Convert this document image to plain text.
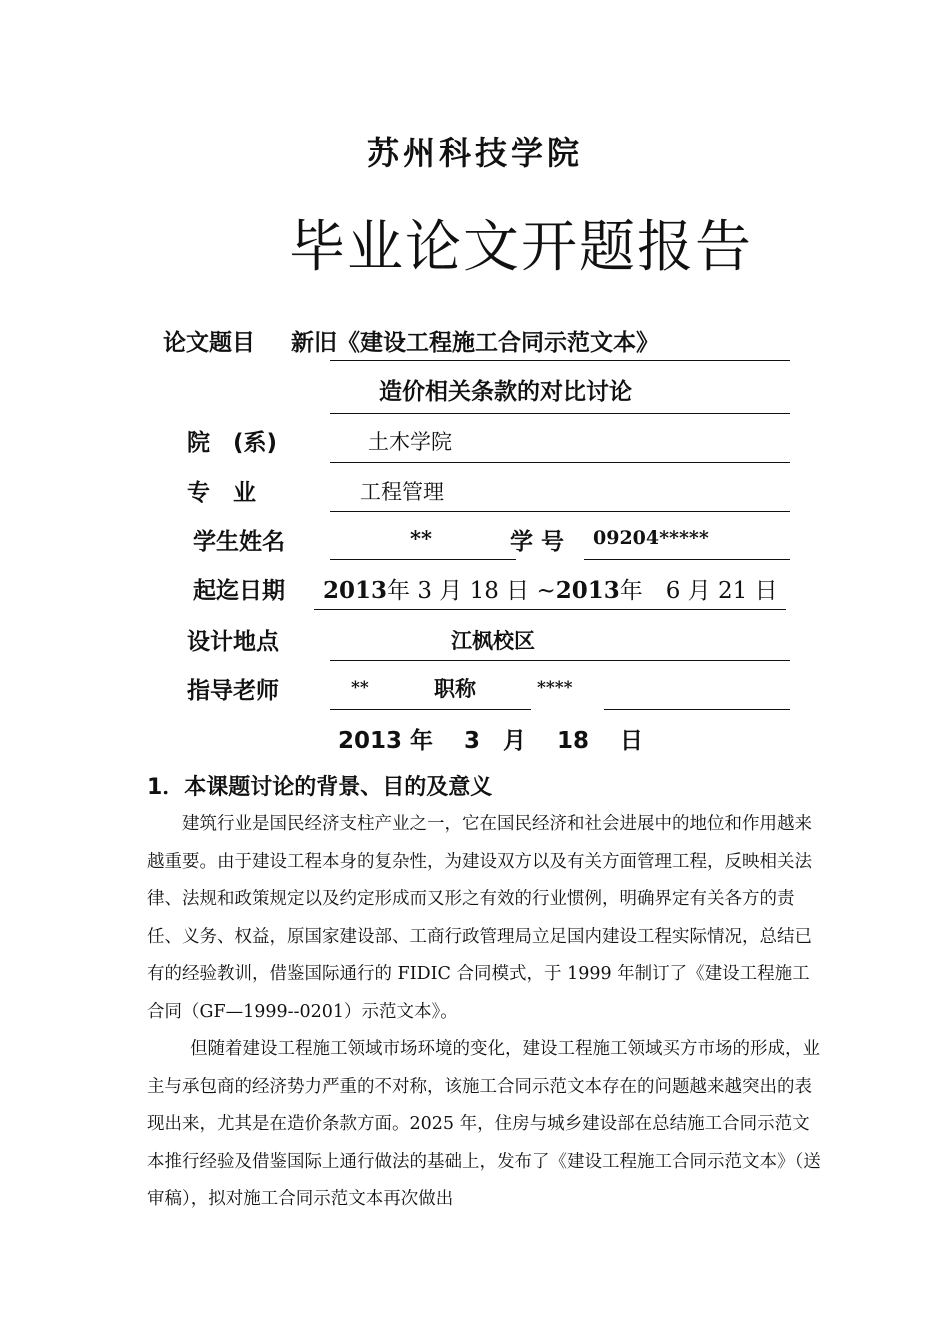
苏州科技学院
毕业论文开题报告
论文题目 新旧《建设工程施工合同示范文本》
造价相关条款的对比讨论
院　(系)	土木学院
专　业	工程管理
学生姓名	**	学 号 09204*****
起迄日期 2013年 3 月 18 日 ~2013年　6 月 21 日
设计地点	江枫校区
指导老师	**	职称	****
2013 年　 3　月　 18　 日
1．本课题讨论的背景、目的及意义
建筑行业是国民经济支柱产业之一，它在国民经济和社会进展中的地位和作用越来越重要。由于建设工程本身的复杂性，为建设双方以及有关方面管理工程，反映相关法律、法规和政策规定以及约定形成而又形之有效的行业惯例，明确界定有关各方的责任、义务、权益，原国家建设部、工商行政管理局立足国内建设工程实际情况，总结已有的经验教训，借鉴国际通行的 FIDIC 合同模式，于 1999 年制订了《建设工程施工合同（GF—1999--0201）示范文本》。
但随着建设工程施工领域市场环境的变化，建设工程施工领域买方市场的形成，业主与承包商的经济势力严重的不对称，该施工合同示范文本存在的问题越来越突出的表现出来，尤其是在造价条款方面。2025 年，住房与城乡建设部在总结施工合同示范文本推行经验及借鉴国际上通行做法的基础上，发布了《建设工程施工合同示范文本》（送审稿），拟对施工合同示范文本再次做出
